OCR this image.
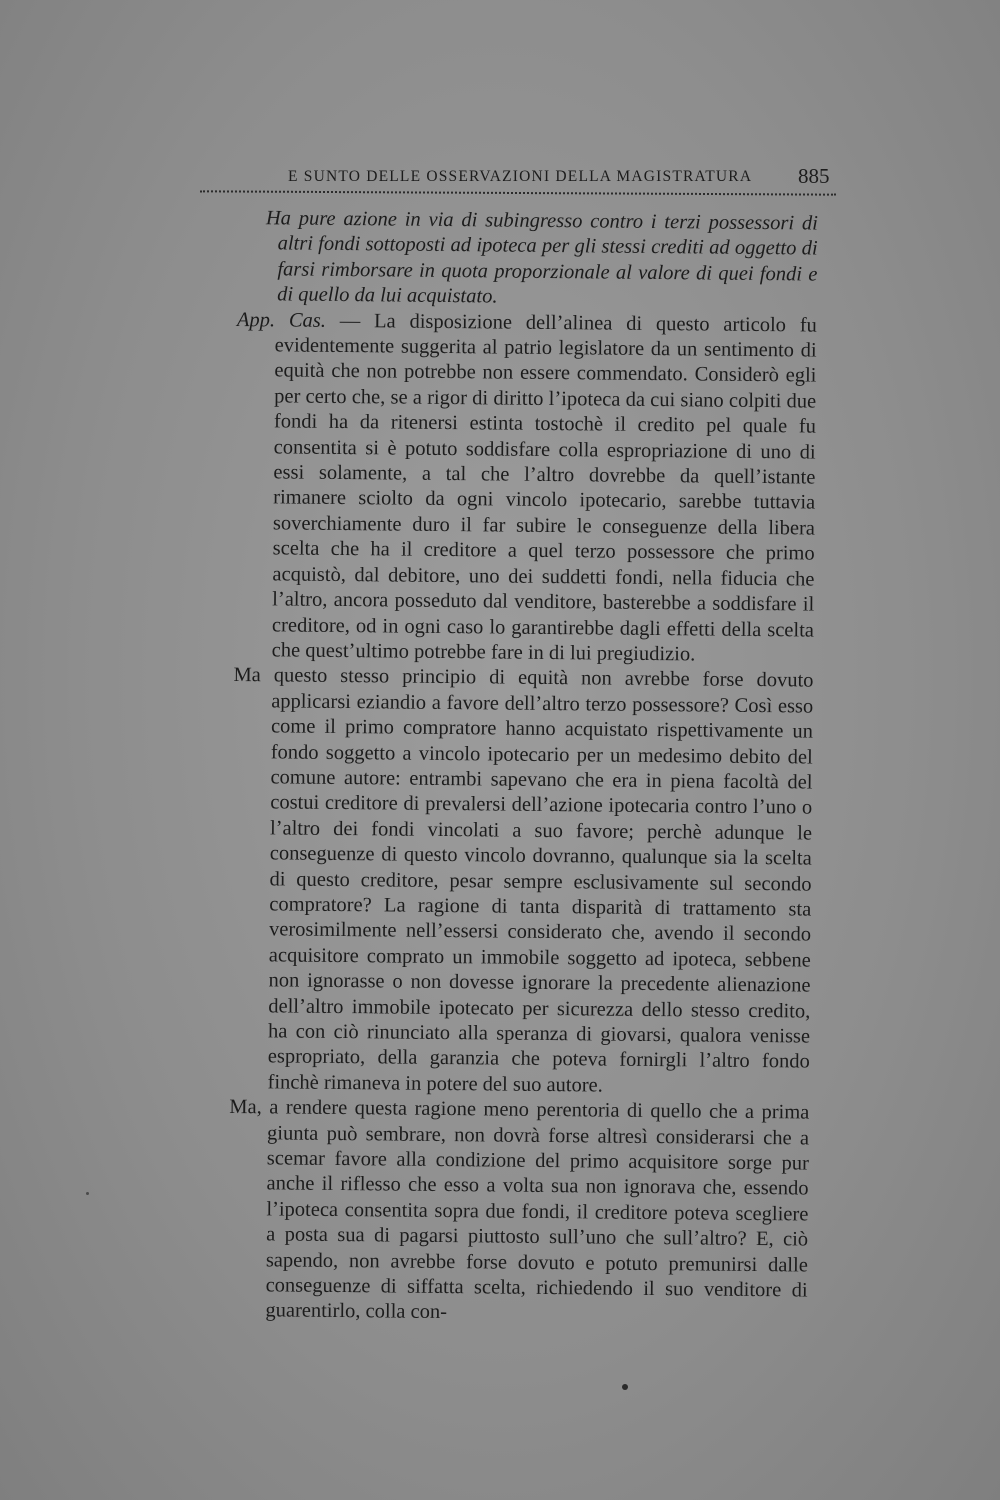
E SUNTO DELLE OSSERVAZIONI DELLA MAGISTRATURA 885

Ha pure azione in via di subingresso contro i terzi possessori di altri fondi sottoposti ad ipoteca per gli stessi crediti ad oggetto di farsi rimborsare in quota proporzionale al valore di quei fondi e di quello da lui acquistato.

App. Cas. — La disposizione dell’alinea di questo articolo fu evidentemente suggerita al patrio legislatore da un sentimento di equità che non potrebbe non essere commendato. Considerò egli per certo che, se a rigor di diritto l’ipoteca da cui siano colpiti due fondi ha da ritenersi estinta tostochè il credito pel quale fu consentita si è potuto soddisfare colla espropriazione di uno di essi solamente, a tal che l’altro dovrebbe da quell’istante rimanere sciolto da ogni vincolo ipotecario, sarebbe tuttavia soverchiamente duro il far subire le conseguenze della libera scelta che ha il creditore a quel terzo possessore che primo acquistò, dal debitore, uno dei suddetti fondi, nella fiducia che l’altro, ancora posseduto dal venditore, basterebbe a soddisfare il creditore, od in ogni caso lo garantirebbe dagli effetti della scelta che quest’ultimo potrebbe fare in di lui pregiudizio.

Ma questo stesso principio di equità non avrebbe forse dovuto applicarsi eziandio a favore dell’altro terzo possessore? Così esso come il primo compratore hanno acquistato rispettivamente un fondo soggetto a vincolo ipotecario per un medesimo debito del comune autore: entrambi sapevano che era in piena facoltà del costui creditore di prevalersi dell’azione ipotecaria contro l’uno o l’altro dei fondi vincolati a suo favore; perchè adunque le conseguenze di questo vincolo dovranno, qualunque sia la scelta di questo creditore, pesar sempre esclusivamente sul secondo compratore? La ragione di tanta disparità di trattamento sta verosimilmente nell’essersi considerato che, avendo il secondo acquisitore comprato un immobile soggetto ad ipoteca, sebbene non ignorasse o non dovesse ignorare la precedente alienazione dell’altro immobile ipotecato per sicurezza dello stesso credito, ha con ciò rinunciato alla speranza di giovarsi, qualora venisse espropriato, della garanzia che poteva fornirgli l’altro fondo finchè rimaneva in potere del suo autore.

Ma, a rendere questa ragione meno perentoria di quello che a prima giunta può sembrare, non dovrà forse altresì considerarsi che a scemar favore alla condizione del primo acquisitore sorge pur anche il riflesso che esso a volta sua non ignorava che, essendo l’ipoteca consentita sopra due fondi, il creditore poteva scegliere a posta sua di pagarsi piuttosto sull’uno che sull’altro? E, ciò sapendo, non avrebbe forse dovuto e potuto premunirsi dalle conseguenze di siffatta scelta, richiedendo il suo venditore di guarentirlo, colla con-
